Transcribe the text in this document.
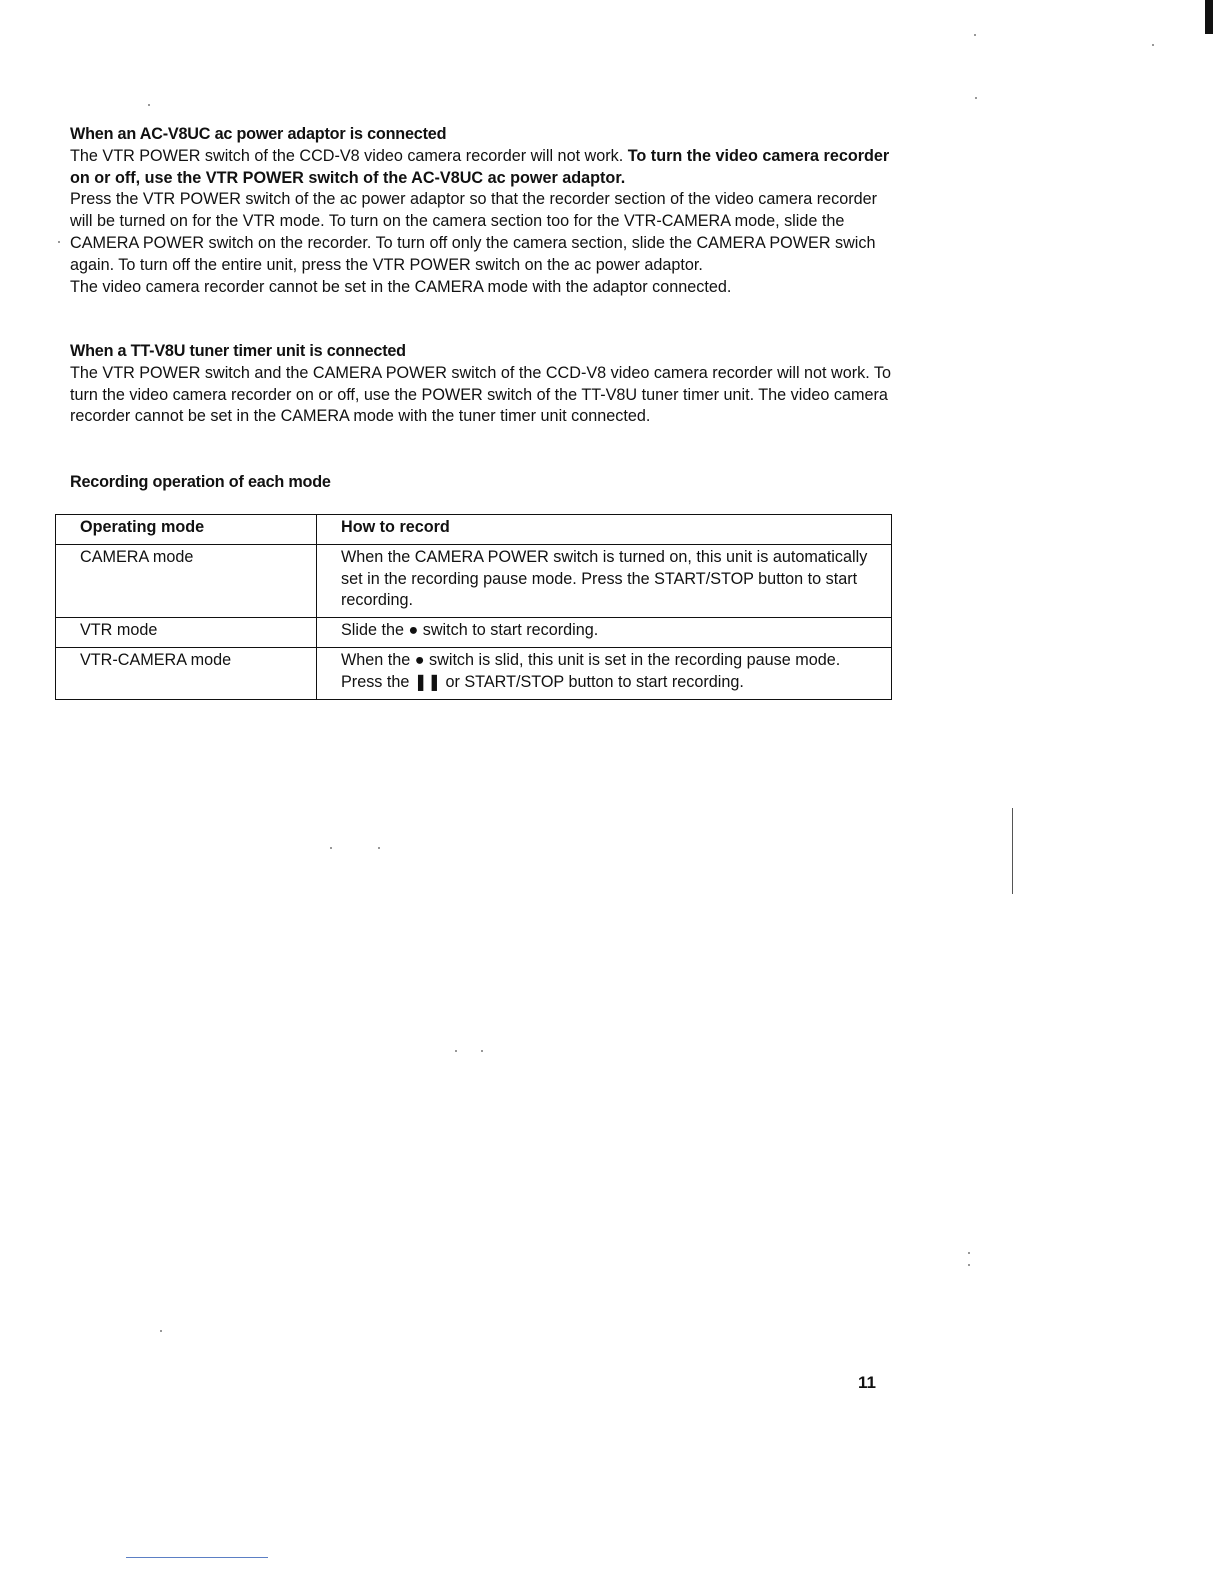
When an AC-V8UC ac power adaptor is connected
The VTR POWER switch of the CCD-V8 video camera recorder will not work. To turn the video camera recorder on or off, use the VTR POWER switch of the AC-V8UC ac power adaptor.
Press the VTR POWER switch of the ac power adaptor so that the recorder section of the video camera recorder will be turned on for the VTR mode. To turn on the camera section too for the VTR-CAMERA mode, slide the CAMERA POWER switch on the recorder. To turn off only the camera section, slide the CAMERA POWER swich again. To turn off the entire unit, press the VTR POWER switch on the ac power adaptor.
The video camera recorder cannot be set in the CAMERA mode with the adaptor connected.
When a TT-V8U tuner timer unit is connected
The VTR POWER switch and the CAMERA POWER switch of the CCD-V8 video camera recorder will not work. To turn the video camera recorder on or off, use the POWER switch of the TT-V8U tuner timer unit. The video camera recorder cannot be set in the CAMERA mode with the tuner timer unit connected.
Recording operation of each mode
Operating mode	How to record
CAMERA mode	When the CAMERA POWER switch is turned on, this unit is automatically set in the recording pause mode. Press the START/STOP button to start recording.
VTR mode	Slide the ● switch to start recording.
VTR-CAMERA mode	When the ● switch is slid, this unit is set in the recording pause mode. Press the ❚❚ or START/STOP button to start recording.
11
